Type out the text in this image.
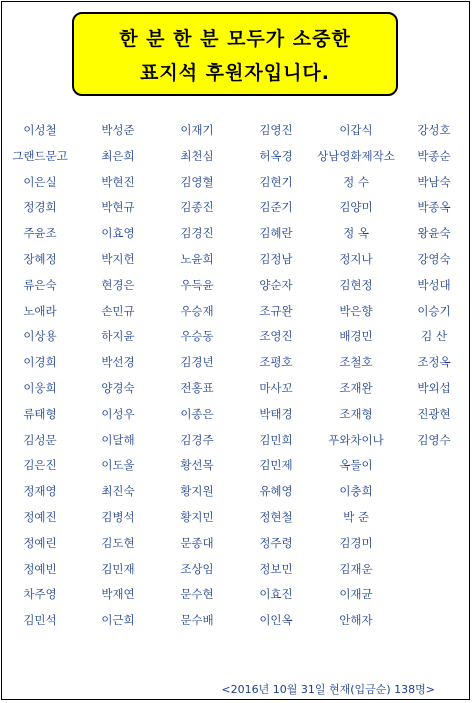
한 분 한 분 모두가 소중한
표지석 후원자입니다.
이성철	박성준	이재기	김영진	이갑식	강성호
그랜드문고	최은희	최천심	허옥경	상남영화제작소	박종순
이은실	박현진	김영혈	김현기	정 수	박남숙
정경희	박현규	김종진	김준기	김양미	박종옥
주윤조	이효영	김경진	김혜란	정 옥	왕윤숙
장혜정	박지헌	노윤희	김정남	정지나	강영숙
류은숙	현경은	우득윤	양순자	김현정	박성대
노애라	손민규	우승재	조규완	박은향	이승기
이상용	하지윤	우승동	조영진	배경민	김 산
이경희	박선경	김경년	조평호	조철호	조정옥
이웅희	양경숙	전홍표	마사꼬	조재완	박외섭
류태형	이성우	이종은	박태경	조재형	진광현
김성문	이달해	김경주	김민희	푸와차이나	김영수
김은진	이도울	황선목	김민제	옥둘이
정재영	최진숙	황지원	유혜영	이충희
정예진	김병석	황지민	정현철	박 준
정예린	김도현	문종대	정주령	김경미
정예빈	김민재	조상임	정보민	김재운
차주영	박재연	문수현	이효진	이재균
김민석	이근희	문수배	이인옥	안해자
<2016년 10월 31일 현재(입금순) 138명>
